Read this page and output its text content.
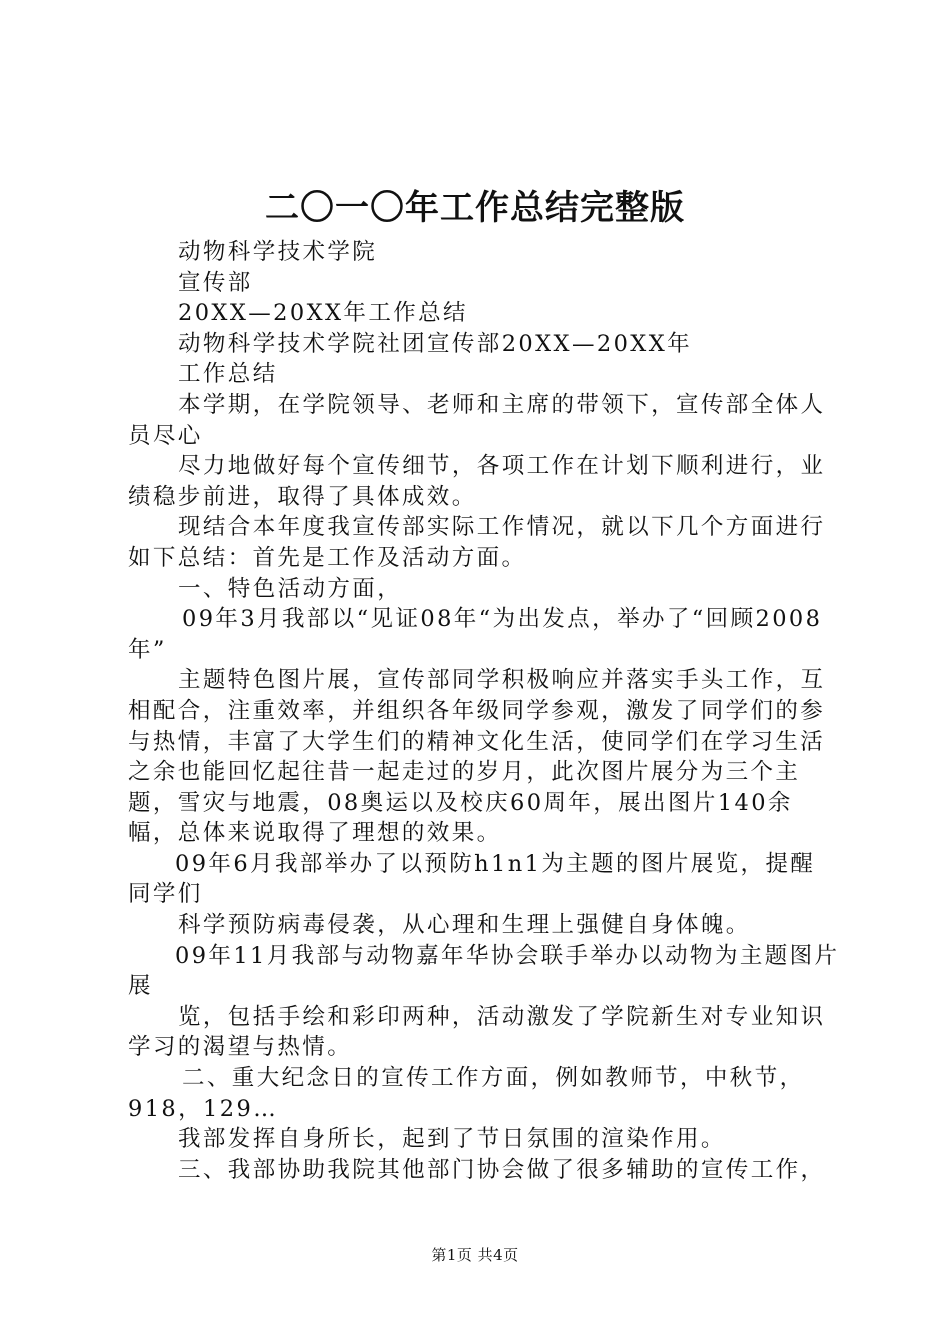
二〇一〇年工作总结完整版

动物科学技术学院

宣传部

20XX—20XX年工作总结

动物科学技术学院社团宣传部20XX—20XX年

工作总结

本学期，在学院领导、老师和主席的带领下，宣传部全体人员尽心

尽力地做好每个宣传细节，各项工作在计划下顺利进行，业绩稳步前进，取得了具体成效。

现结合本年度我宣传部实际工作情况，就以下几个方面进行如下总结：首先是工作及活动方面。

一、特色活动方面，

09年3月我部以“见证08年“为出发点，举办了“回顾2008年”

主题特色图片展，宣传部同学积极响应并落实手头工作，互相配合，注重效率，并组织各年级同学参观，激发了同学们的参与热情，丰富了大学生们的精神文化生活，使同学们在学习生活之余也能回忆起往昔一起走过的岁月，此次图片展分为三个主题，雪灾与地震，08奥运以及校庆60周年，展出图片140余幅，总体来说取得了理想的效果。

09年6月我部举办了以预防h1n1为主题的图片展览，提醒同学们

科学预防病毒侵袭，从心理和生理上强健自身体魄。

09年11月我部与动物嘉年华协会联手举办以动物为主题图片展

览，包括手绘和彩印两种，活动激发了学院新生对专业知识学习的渴望与热情。

二、重大纪念日的宣传工作方面，例如教师节，中秋节，918，129…

我部发挥自身所长，起到了节日氛围的渲染作用。

三、我部协助我院其他部门协会做了很多辅助的宣传工作，

第1页 共4页
